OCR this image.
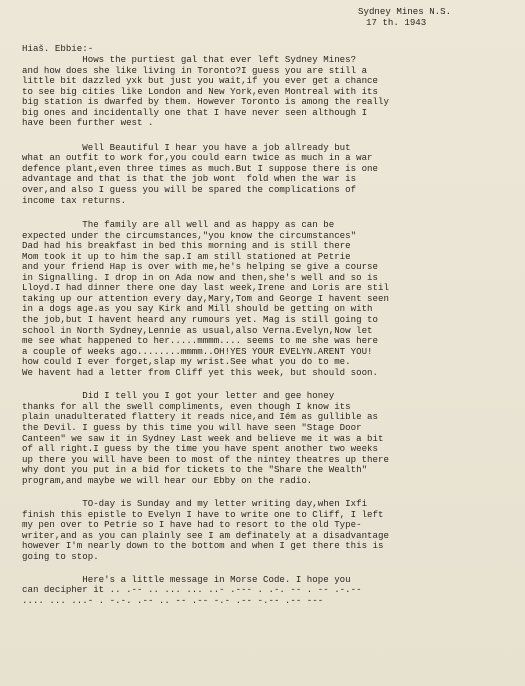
Sydney Mines N.S.
17 th. 1943
Hiaš. Ebbie:-

Hows the purtiest gal that ever left Sydney Mines?

and how does she like living in Toronto?I guess you are still a

little bit dazzled yxk but just you wait,if you ever get a chance

to see big cities like London and New York,even Montreal with its

big station is dwarfed by them. However Toronto is among the really

big ones and incidentally one that I have never seen although I

have been further west .

Well Beautiful I hear you have a job allready but

what an outfit to work for,you could earn twice as much in a war

defence plant,even three times as much.But I suppose there is one

advantage and that is that the job wont  fold when the war is

over,and also I guess you will be spared the complications of

income tax returns.

The family are all well and as happy as can be

expected under the circumstances,"you know the circumstances"

Dad had his breakfast in bed this morning and is still there

Mom took it up to him the sap.I am still stationed at Petrie

and your friend Hap is over with me,he's helping se give a course

in Signalling. I drop in on Ada now and then,she's well and so is

Lloyd.I had dinner there one day last week,Irene and Loris are stil

taking up our attention every day,Mary,Tom and George I havent seen

in a dogs age.as you say Kirk and Mill should be getting on with

the job,but I havent heard any rumours yet. Mag is still going to

school in North Sydney,Lennie as usual,also Verna.Evelyn,Now let

me see what happened to her.....mmmm.... seems to me she was here

a couple of weeks ago........mmmm..OH!YES YOUR EVELYN.ARENT YOU!

how could I ever forget,slap my wrist.See what you do to me.

We havent had a letter from Cliff yet this week, but should soon.

Did I tell you I got your letter and gee honey

thanks for all the swell compliments, even though I know its

plain unadulterated flattery it reads nice,and Iém as gullible as

the Devil. I guess by this time you will have seen "Stage Door

Canteen" we saw it in Sydney Last week and believe me it was a bit

of all right.I guess by the time you have spent another two weeks

up there you will have been to most of the nintey theatres up there

why dont you put in a bid for tickets to the "Share the Wealth"

program,and maybe we will hear our Ebby on the radio.

TO-day is Sunday and my letter writing day,when Ixfi

finish this epistle to Evelyn I have to write one to Cliff, I left

my pen over to Petrie so I have had to resort to the old Type-

writer,and as you can plainly see I am definately at a disadvantage

however I'm nearly down to the bottom and when I get there this is

going to stop.

Here's a little message in Morse Code. I hope you

can decipher it .. .-- .. ... ... ..- .--- . .-. -- . -- .-.--

.... ... ...- . -.-. .-- .. -- .-- -.- .-- -.-- .-- ---
